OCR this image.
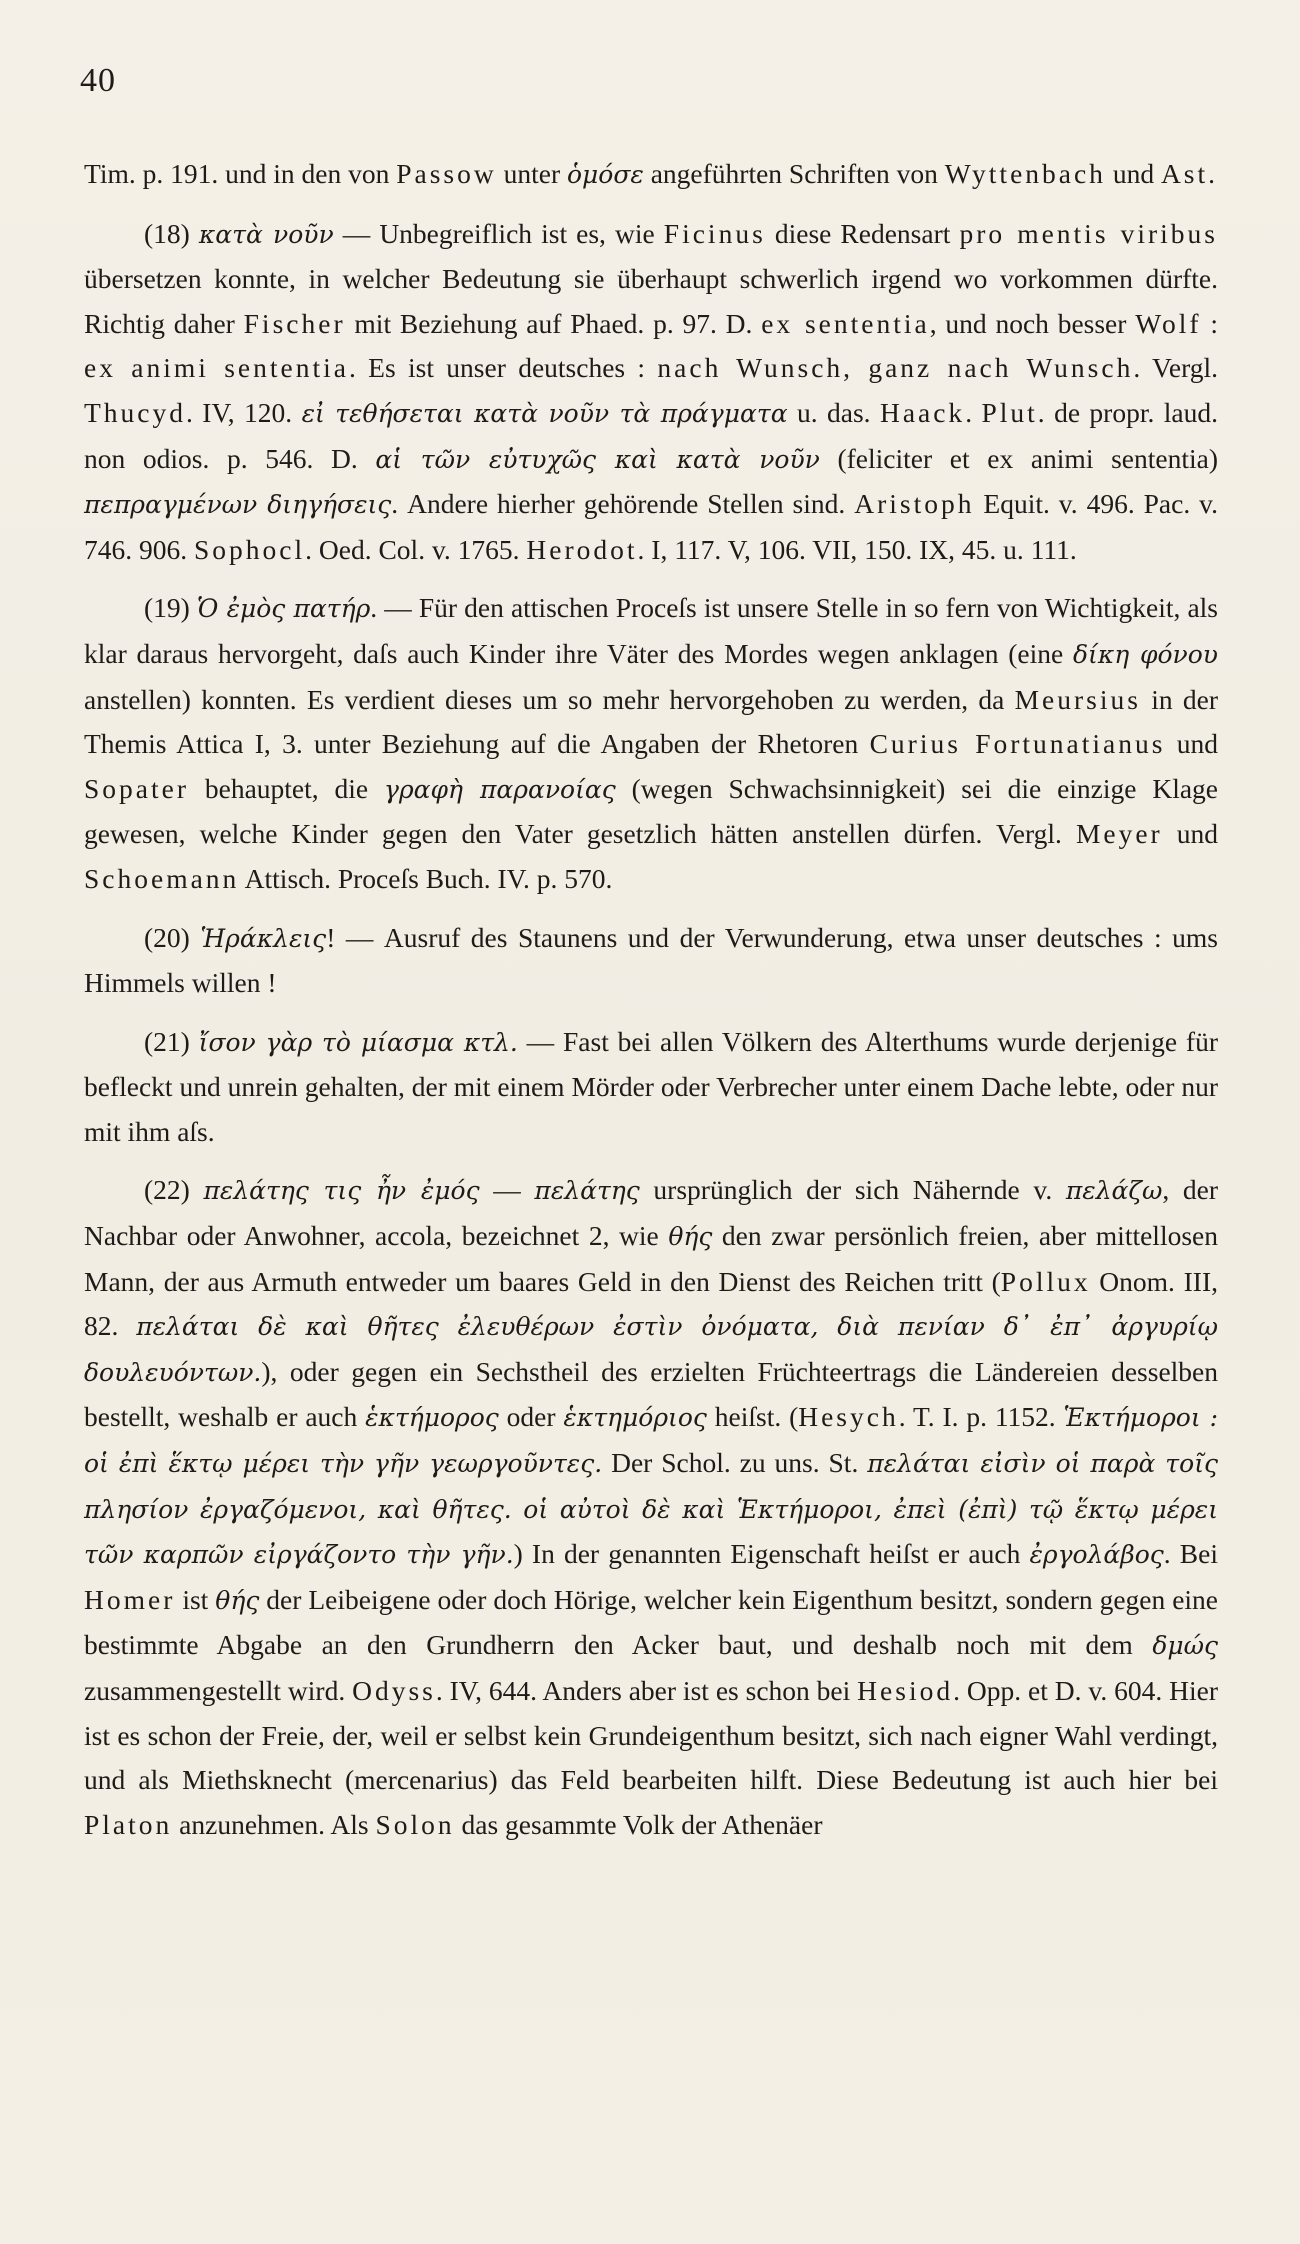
40

Tim. p. 191. und in den von Passow unter ὁμόσε angeführten Schriften von Wyttenbach und Ast.

(18) κατὰ νοῦν — Unbegreiflich ist es, wie Ficinus diese Redensart pro mentis viribus übersetzen konnte, in welcher Bedeutung sie überhaupt schwerlich irgend wo vorkommen dürfte. Richtig daher Fischer mit Beziehung auf Phaed. p. 97. D. ex sententia, und noch besser Wolf : ex animi sententia. Es ist unser deutsches : nach Wunsch, ganz nach Wunsch. Vergl. Thucyd. IV, 120. εἰ τεθήσεται κατὰ νοῦν τὰ πράγματα u. das. Haack. Plut. de propr. laud. non odios. p. 546. D. αἱ τῶν εὐτυχῶς καὶ κατὰ νοῦν (feliciter et ex animi sententia) πεπραγμένων διηγήσεις. Andere hierher gehörende Stellen sind. Aristoph Equit. v. 496. Pac. v. 746. 906. Sophocl. Oed. Col. v. 1765. Herodot. I, 117. V, 106. VII, 150. IX, 45. u. 111.

(19) Ὁ ἐμὸς πατήρ. — Für den attischen Proceſs ist unsere Stelle in so fern von Wichtigkeit, als klar daraus hervorgeht, daſs auch Kinder ihre Väter des Mordes wegen anklagen (eine δίκη φόνου anstellen) konnten. Es verdient dieses um so mehr hervorgehoben zu werden, da Meursius in der Themis Attica I, 3. unter Beziehung auf die Angaben der Rhetoren Curius Fortunatianus und Sopater behauptet, die γραφὴ παρανοίας (wegen Schwachsinnigkeit) sei die einzige Klage gewesen, welche Kinder gegen den Vater gesetzlich hätten anstellen dürfen. Vergl. Meyer und Schoemann Attisch. Proceſs Buch. IV. p. 570.

(20) Ἡράκλεις! — Ausruf des Staunens und der Verwunderung, etwa unser deutsches : ums Himmels willen !

(21) ἴσον γὰρ τὸ μίασμα κτλ. — Fast bei allen Völkern des Alterthums wurde derjenige für befleckt und unrein gehalten, der mit einem Mörder oder Verbrecher unter einem Dache lebte, oder nur mit ihm aſs.

(22) πελάτης τις ἦν ἐμός — πελάτης ursprünglich der sich Nähernde v. πελάζω, der Nachbar oder Anwohner, accola, bezeichnet 2, wie θής den zwar persönlich freien, aber mittellosen Mann, der aus Armuth entweder um baares Geld in den Dienst des Reichen tritt (Pollux Onom. III, 82. πελάται δὲ καὶ θῆτες ἐλευθέρων ἐστὶν ὀνόματα, διὰ πενίαν δ᾽ ἐπ᾽ ἀργυρίῳ δουλευόντων.), oder gegen ein Sechstheil des erzielten Früchteertrags die Ländereien desselben bestellt, weshalb er auch ἑκτήμορος oder ἑκτημόριος heiſst. (Hesych. T. I. p. 1152. Ἑκτήμοροι : οἱ ἐπὶ ἕκτῳ μέρει τὴν γῆν γεωργοῦντες. Der Schol. zu uns. St. πελάται εἰσὶν οἱ παρὰ τοῖς πλησίον ἐργαζόμενοι, καὶ θῆτες. οἱ αὐτοὶ δὲ καὶ Ἑκτήμοροι, ἐπεὶ (ἐπὶ) τῷ ἕκτῳ μέρει τῶν καρπῶν εἰργάζοντο τὴν γῆν.) In der genannten Eigenschaft heiſst er auch ἐργολάβος. Bei Homer ist θής der Leibeigene oder doch Hörige, welcher kein Eigenthum besitzt, sondern gegen eine bestimmte Abgabe an den Grundherrn den Acker baut, und deshalb noch mit dem δμώς zusammengestellt wird. Odyss. IV, 644. Anders aber ist es schon bei Hesiod. Opp. et D. v. 604. Hier ist es schon der Freie, der, weil er selbst kein Grundeigenthum besitzt, sich nach eigner Wahl verdingt, und als Miethsknecht (mercenarius) das Feld bearbeiten hilft. Diese Bedeutung ist auch hier bei Platon anzunehmen. Als Solon das gesammte Volk der Athenäer
